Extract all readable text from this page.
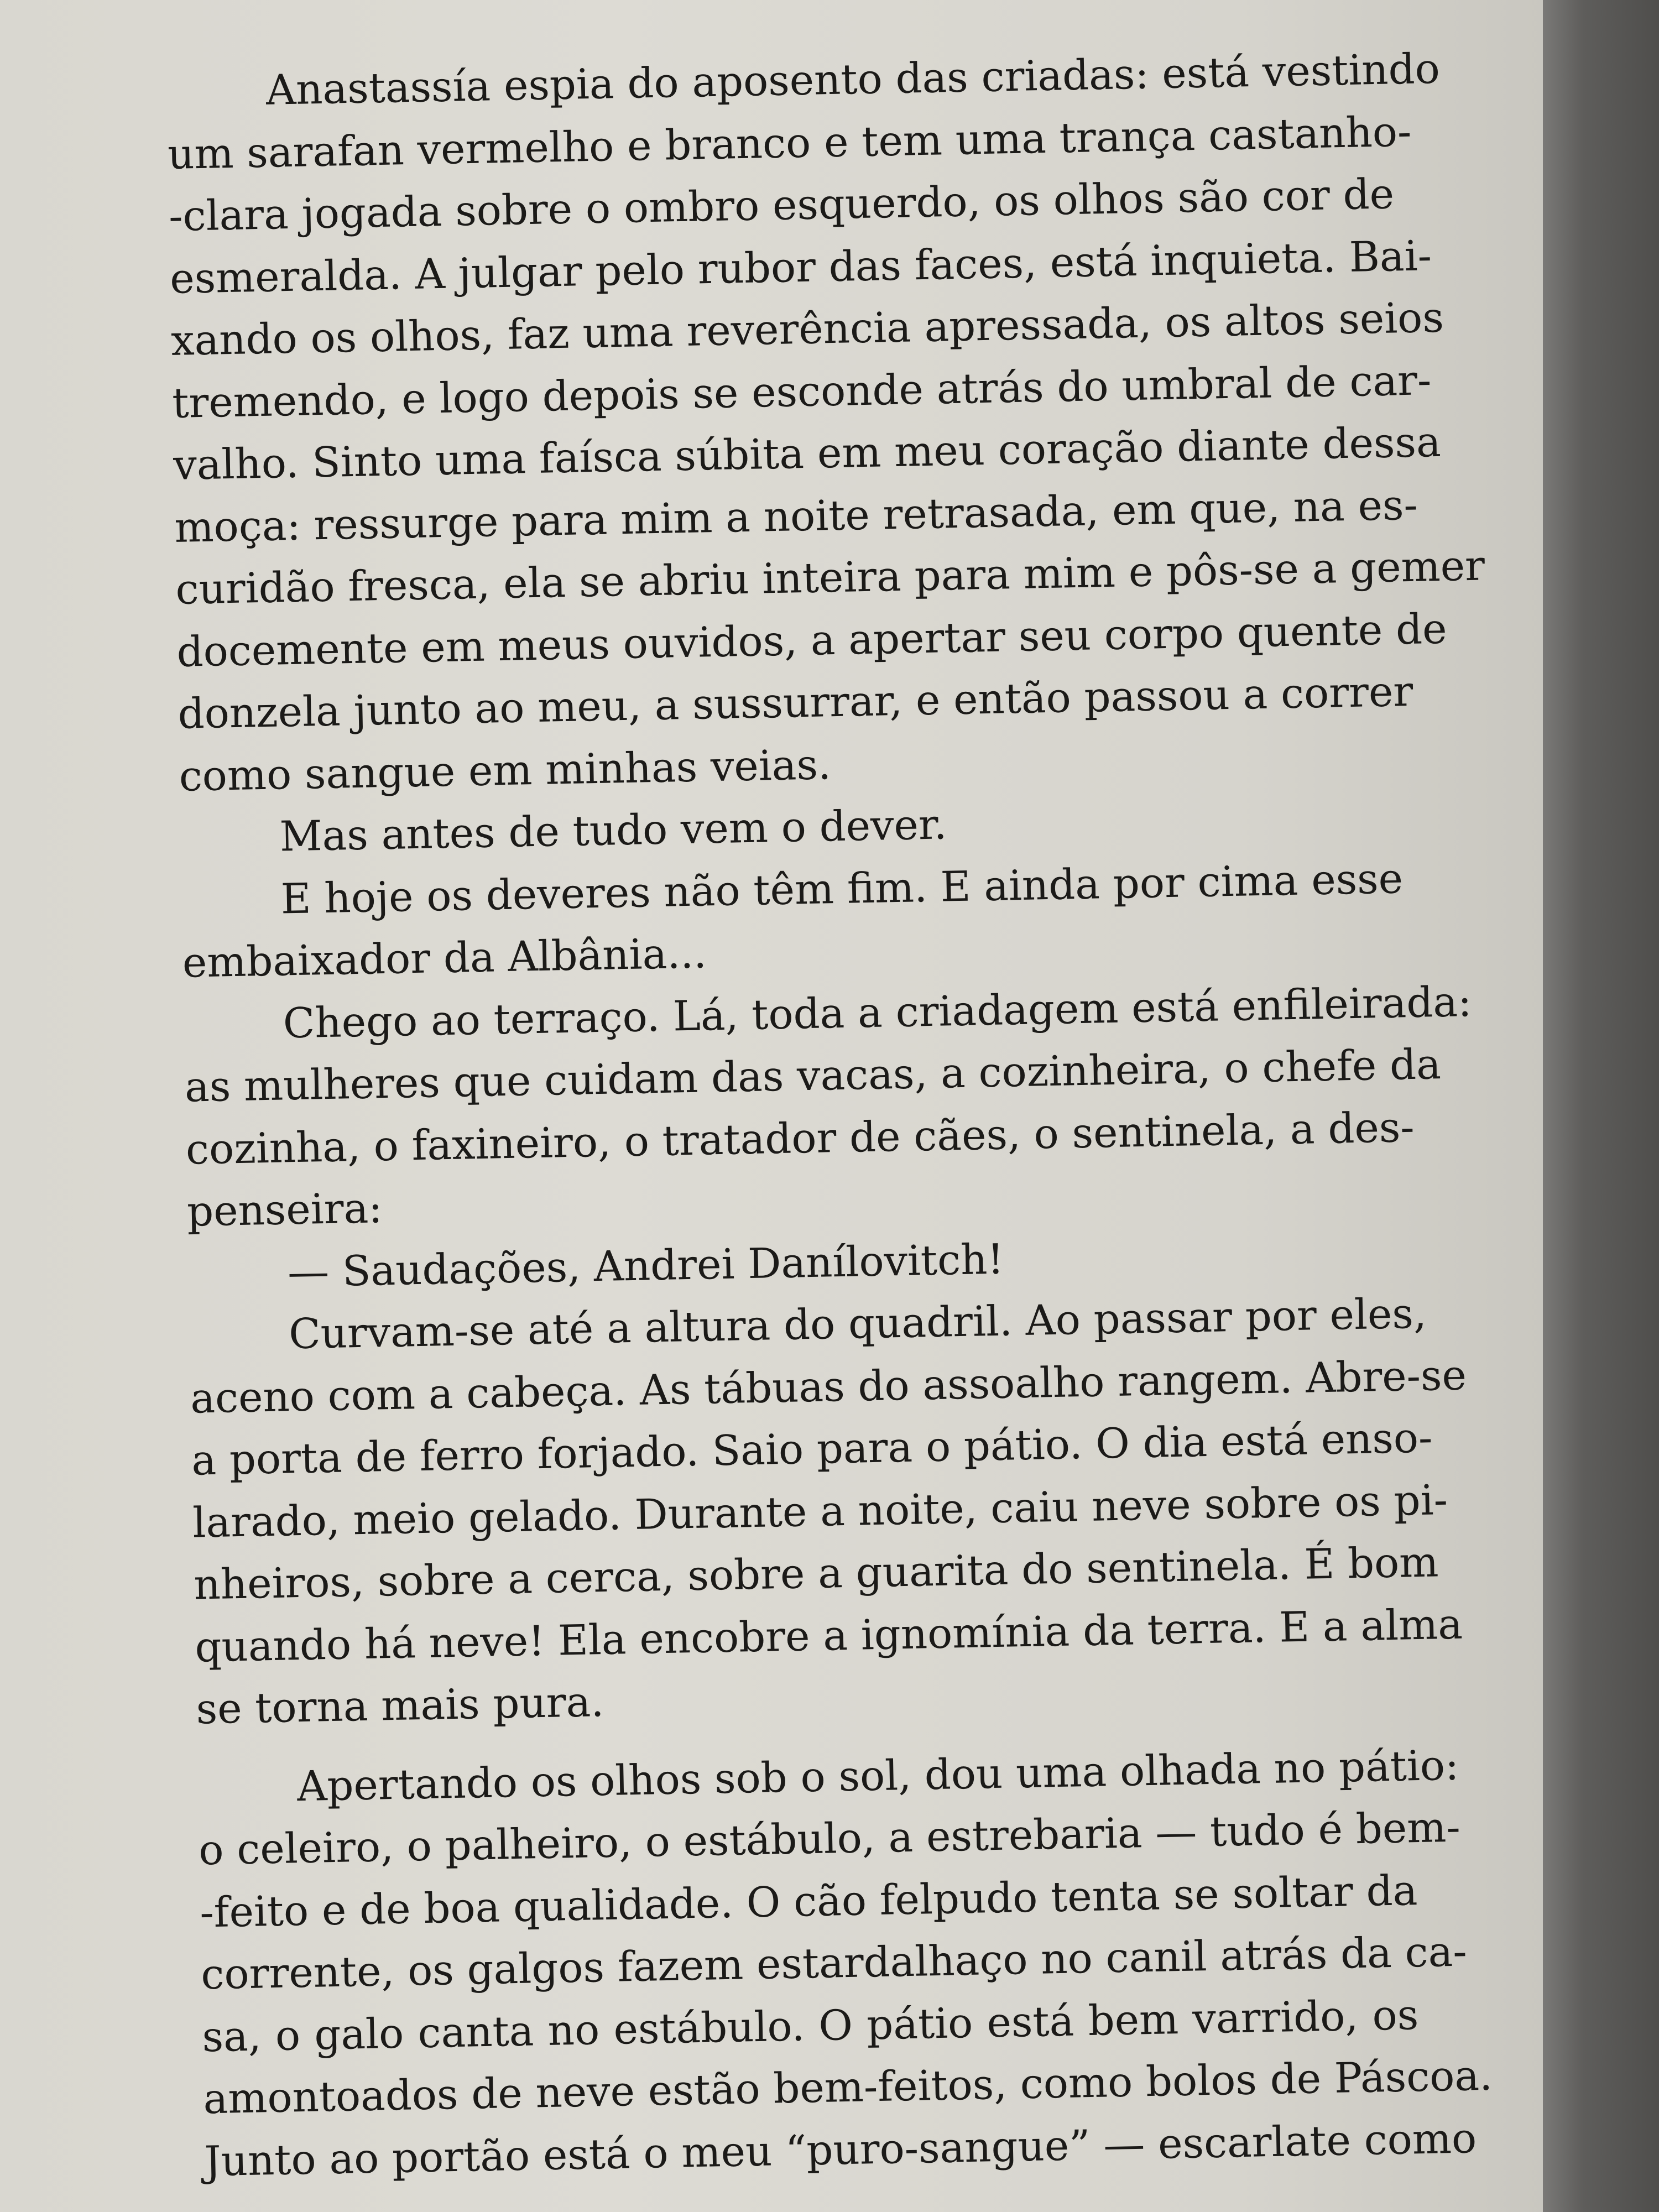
Anastassía espia do aposento das criadas: está vestindo
um sarafan vermelho e branco e tem uma trança castanho-
-clara jogada sobre o ombro esquerdo, os olhos são cor de
esmeralda. A julgar pelo rubor das faces, está inquieta. Bai-
xando os olhos, faz uma reverência apressada, os altos seios
tremendo, e logo depois se esconde atrás do umbral de car-
valho. Sinto uma faísca súbita em meu coração diante dessa
moça: ressurge para mim a noite retrasada, em que, na es-
curidão fresca, ela se abriu inteira para mim e pôs-se a gemer
docemente em meus ouvidos, a apertar seu corpo quente de
donzela junto ao meu, a sussurrar, e então passou a correr
como sangue em minhas veias.
Mas antes de tudo vem o dever.
E hoje os deveres não têm fim. E ainda por cima esse
embaixador da Albânia...
Chego ao terraço. Lá, toda a criadagem está enfileirada:
as mulheres que cuidam das vacas, a cozinheira, o chefe da
cozinha, o faxineiro, o tratador de cães, o sentinela, a des-
penseira:
— Saudações, Andrei Danílovitch!
Curvam-se até a altura do quadril. Ao passar por eles,
aceno com a cabeça. As tábuas do assoalho rangem. Abre-se
a porta de ferro forjado. Saio para o pátio. O dia está enso-
larado, meio gelado. Durante a noite, caiu neve sobre os pi-
nheiros, sobre a cerca, sobre a guarita do sentinela. É bom
quando há neve! Ela encobre a ignomínia da terra. E a alma
se torna mais pura.
Apertando os olhos sob o sol, dou uma olhada no pátio:
o celeiro, o palheiro, o estábulo, a estrebaria — tudo é bem-
-feito e de boa qualidade. O cão felpudo tenta se soltar da
corrente, os galgos fazem estardalhaço no canil atrás da ca-
sa, o galo canta no estábulo. O pátio está bem varrido, os
amontoados de neve estão bem-feitos, como bolos de Páscoa.
Junto ao portão está o meu “puro-sangue” — escarlate como
